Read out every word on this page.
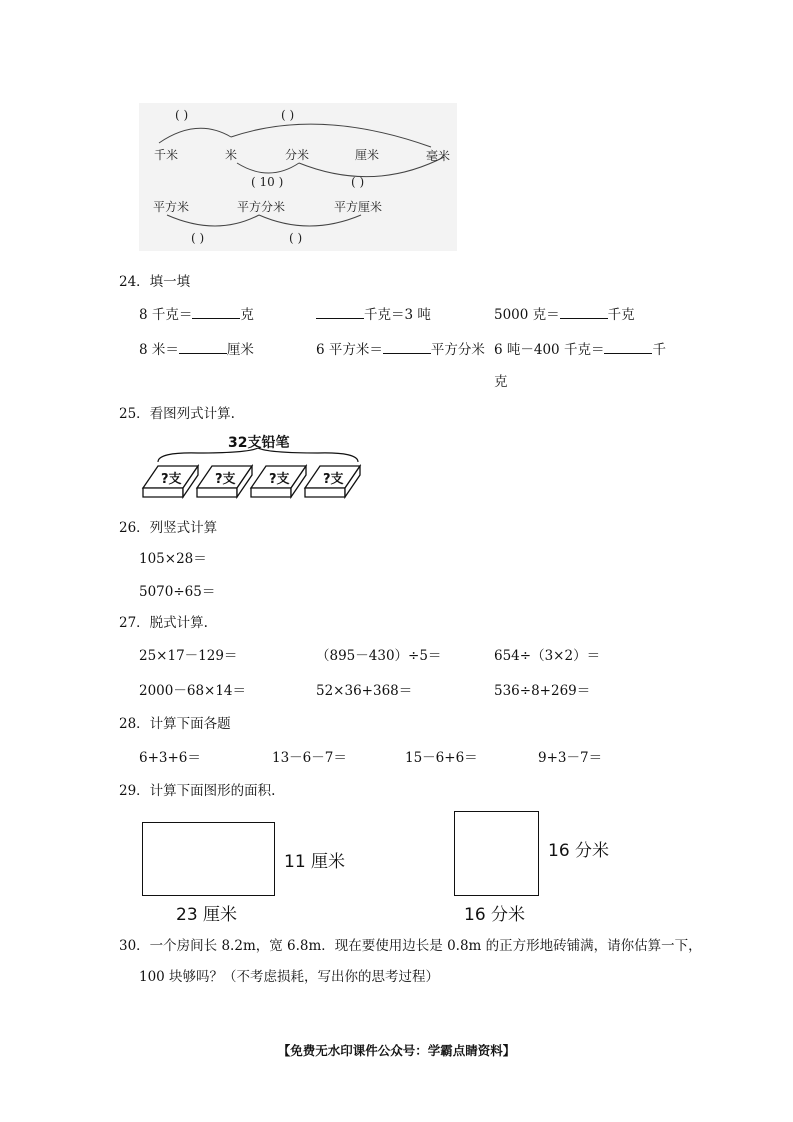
( )	( )
千米	米	分米	厘米	毫米
( 10 )	( )
平方米	平方分米	平方厘米
( )	( )
24．填一填
8 千克＝	克	千克＝3 吨	5000 克＝	千克
8 米＝	厘米	6 平方米＝	平方分米 6 吨－400 千克＝	千
克
25．看图列式计算.
32支铅笔
?支	?支	?支	?支
26．列竖式计算
105×28＝
5070÷65＝
27．脱式计算.
25×17－129＝	（895－430）÷5＝	654÷（3×2）＝
2000－68×14＝	52×36+368＝	536÷8+269＝
28．计算下面各题
6+3+6＝	13－6－7＝	15－6+6＝	9+3－7＝
29．计算下面图形的面积.
11 厘米
23 厘米
16 分米
16 分米
30．一个房间长 8.2m，宽 6.8m．现在要使用边长是 0.8m 的正方形地砖铺满，请你估算一下，
100 块够吗？（不考虑损耗，写出你的思考过程）
【免费无水印课件公众号：学霸点睛资料】
